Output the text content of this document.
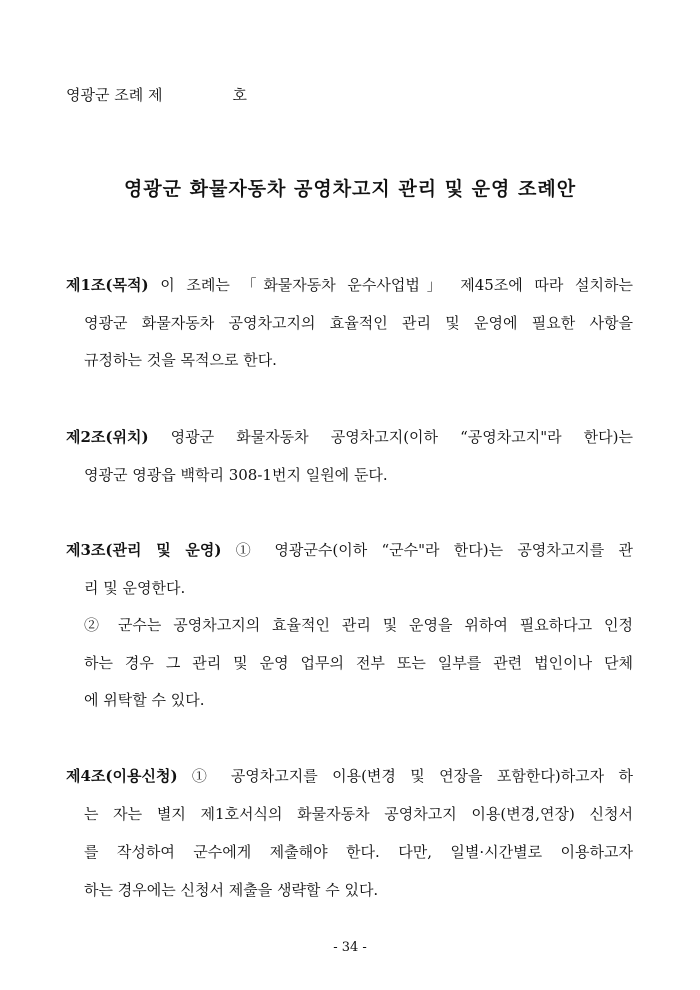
영광군 조례 제	호
영광군 화물자동차 공영차고지 관리 및 운영 조례안
제1조(목적) 이 조례는 「화물자동차 운수사업법」 제45조에 따라 설치하는
영광군 화물자동차 공영차고지의 효율적인 관리 및 운영에 필요한 사항을
규정하는 것을 목적으로 한다.
제2조(위치) 영광군 화물자동차 공영차고지(이하 “공영차고지"라 한다)는
영광군 영광읍 백학리 308-1번지 일원에 둔다.
제3조(관리 및 운영) ① 영광군수(이하 “군수"라 한다)는 공영차고지를 관
리 및 운영한다.
② 군수는 공영차고지의 효율적인 관리 및 운영을 위하여 필요하다고 인정
하는 경우 그 관리 및 운영 업무의 전부 또는 일부를 관련 법인이나 단체
에 위탁할 수 있다.
제4조(이용신청) ① 공영차고지를 이용(변경 및 연장을 포함한다)하고자 하
는 자는 별지 제1호서식의 화물자동차 공영차고지 이용(변경,연장) 신청서
를 작성하여 군수에게 제출해야 한다. 다만, 일별·시간별로 이용하고자
하는 경우에는 신청서 제출을 생략할 수 있다.
- 34 -
